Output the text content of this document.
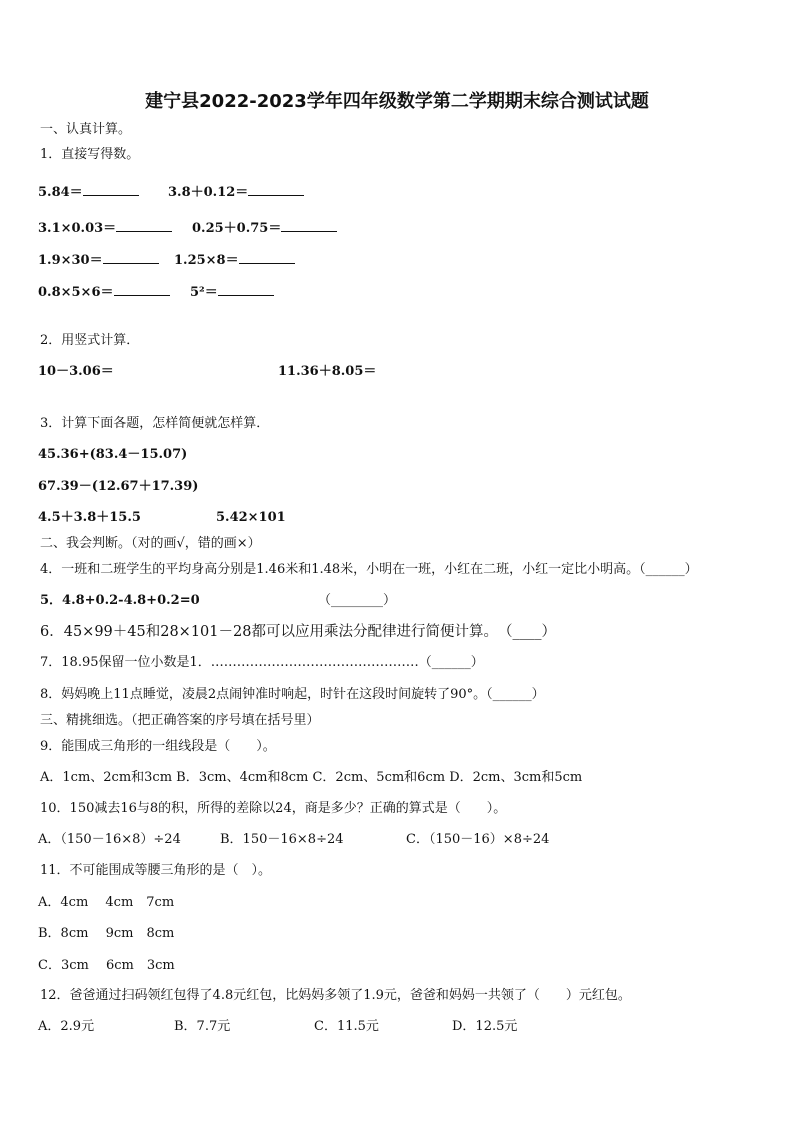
建宁县2022-2023学年四年级数学第二学期期末综合测试试题
一、认真计算。
1．直接写得数。
5.84＝	3.8＋0.12＝
3.1×0.03＝	0.25＋0.75＝
1.9×30＝	1.25×8＝
0.8×5×6＝	5²＝
2．用竖式计算．
10－3.06＝	11.36＋8.05＝
3．计算下面各题，怎样简便就怎样算．
45.36+(83.4－15.07)
67.39－(12.67＋17.39)
4.5＋3.8＋15.5	5.42×101
二、我会判断。（对的画√，错的画×）
4．一班和二班学生的平均身高分别是1.46米和1.48米，小明在一班，小红在二班，小红一定比小明高。（______）
5．4.8+0.2-4.8+0.2=0	（________）
6．45×99＋45和28×101－28都可以应用乘法分配律进行简便计算。　（____）
7．18.95保留一位小数是1．…………………………………………（______）
8．妈妈晚上11点睡觉，凌晨2点闹钟准时响起，时针在这段时间旋转了90°。（______）
三、精挑细选。（把正确答案的序号填在括号里）
9．能围成三角形的一组线段是（　　）。
A．1cm、2cm和3cm B．3cm、4cm和8cm C．2cm、5cm和6cm D．2cm、3cm和5cm
10．150减去16与8的积，所得的差除以24，商是多少？正确的算式是（　　）。
A．（150－16×8）÷24	B．150－16×8÷24	C．（150－16）×8÷24
11．不可能围成等腰三角形的是（　）。
A．4cm　 4cm　7cm
B．8cm　 9cm　8cm
C．3cm　 6cm　3cm
12．爸爸通过扫码领红包得了4.8元红包，比妈妈多领了1.9元，爸爸和妈妈一共领了（　　）元红包。
A．2.9元	B．7.7元	C．11.5元	D．12.5元
